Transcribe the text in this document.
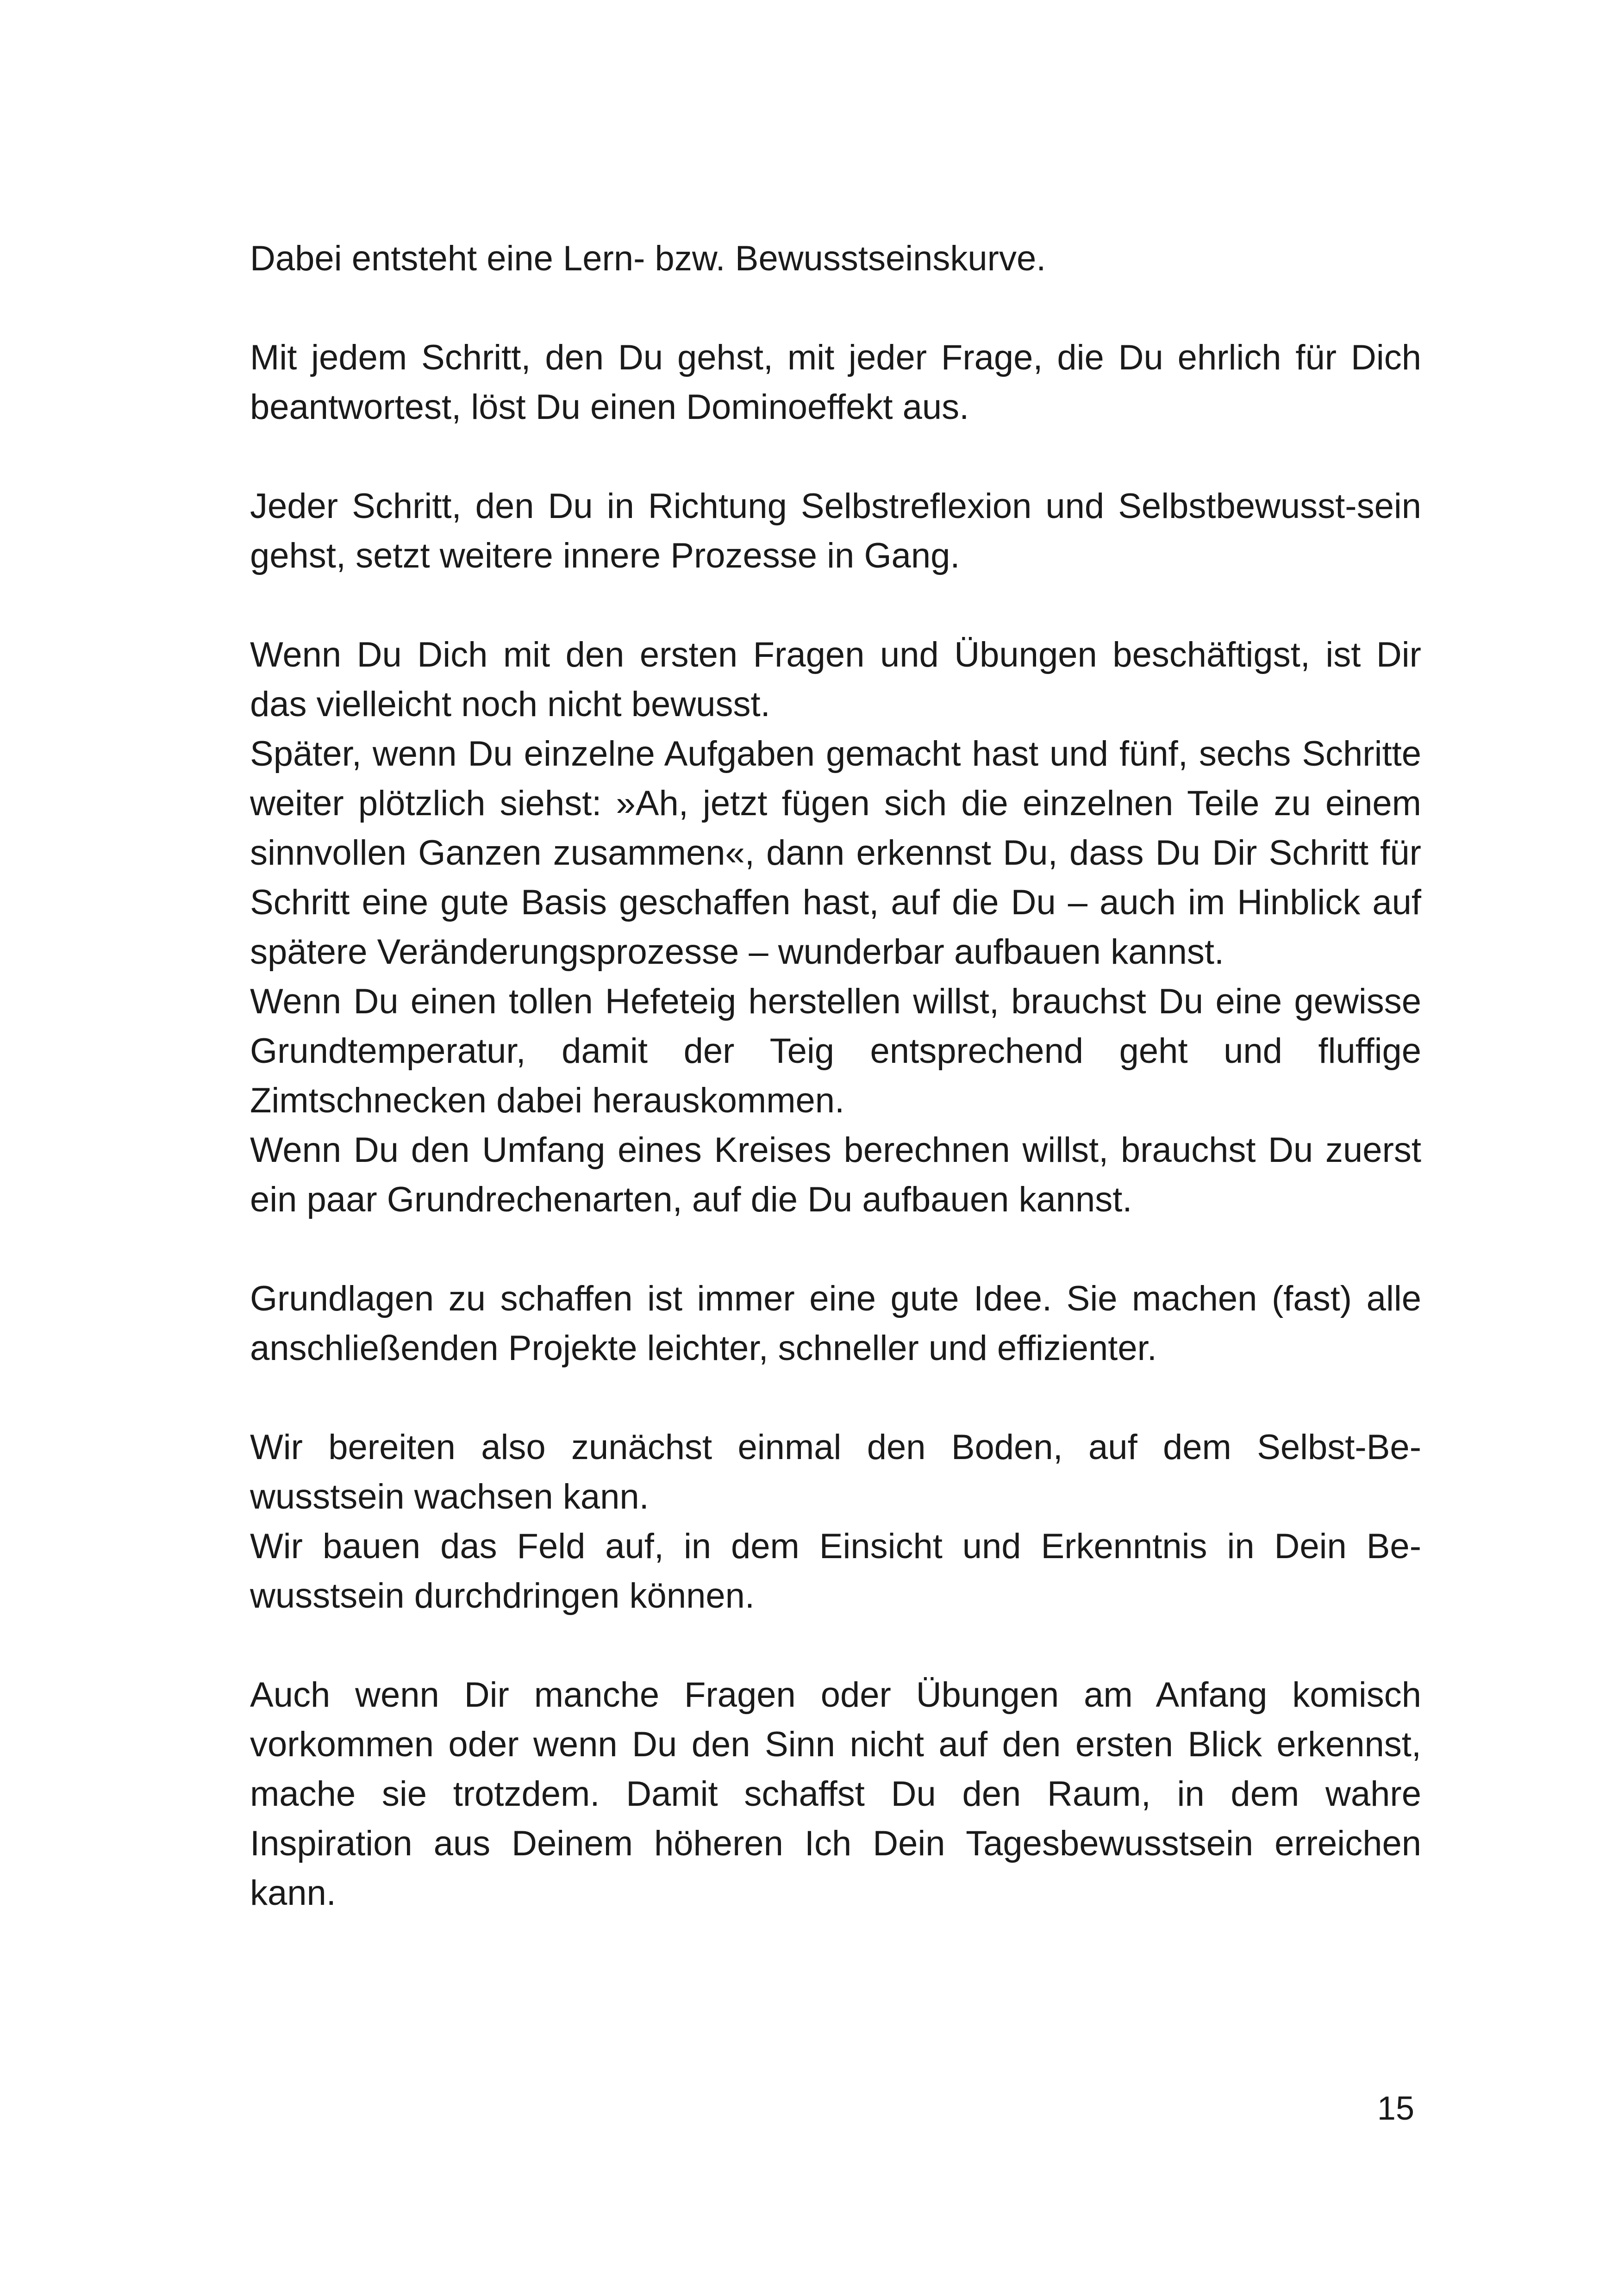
Dabei entsteht eine Lern- bzw. Bewusstseinskurve.

Mit jedem Schritt, den Du gehst, mit jeder Frage, die Du ehrlich für Dich beantwortest, löst Du einen Dominoeffekt aus.

Jeder Schritt, den Du in Richtung Selbstreflexion und Selbstbewusst-sein gehst, setzt weitere innere Prozesse in Gang.

Wenn Du Dich mit den ersten Fragen und Übungen beschäftigst, ist Dir das vielleicht noch nicht bewusst.

Später, wenn Du einzelne Aufgaben gemacht hast und fünf, sechs Schritte weiter plötzlich siehst: »Ah, jetzt fügen sich die einzelnen Teile zu einem sinnvollen Ganzen zusammen«, dann erkennst Du, dass Du Dir Schritt für Schritt eine gute Basis geschaffen hast, auf die Du – auch im Hinblick auf spätere Veränderungsprozesse – wunderbar aufbauen kannst.

Wenn Du einen tollen Hefeteig herstellen willst, brauchst Du eine gewisse Grundtemperatur, damit der Teig entsprechend geht und fluffige Zimtschnecken dabei herauskommen.

Wenn Du den Umfang eines Kreises berechnen willst, brauchst Du zuerst ein paar Grundrechenarten, auf die Du aufbauen kannst.

Grundlagen zu schaffen ist immer eine gute Idee. Sie machen (fast) alle anschließenden Projekte leichter, schneller und effizienter.

Wir bereiten also zunächst einmal den Boden, auf dem Selbst-Bewusstsein wachsen kann.

Wir bauen das Feld auf, in dem Einsicht und Erkenntnis in Dein Bewusstsein durchdringen können.

Auch wenn Dir manche Fragen oder Übungen am Anfang komisch vorkommen oder wenn Du den Sinn nicht auf den ersten Blick erkennst, mache sie trotzdem. Damit schaffst Du den Raum, in dem wahre Inspiration aus Deinem höheren Ich Dein Tagesbewusstsein erreichen kann.

15
